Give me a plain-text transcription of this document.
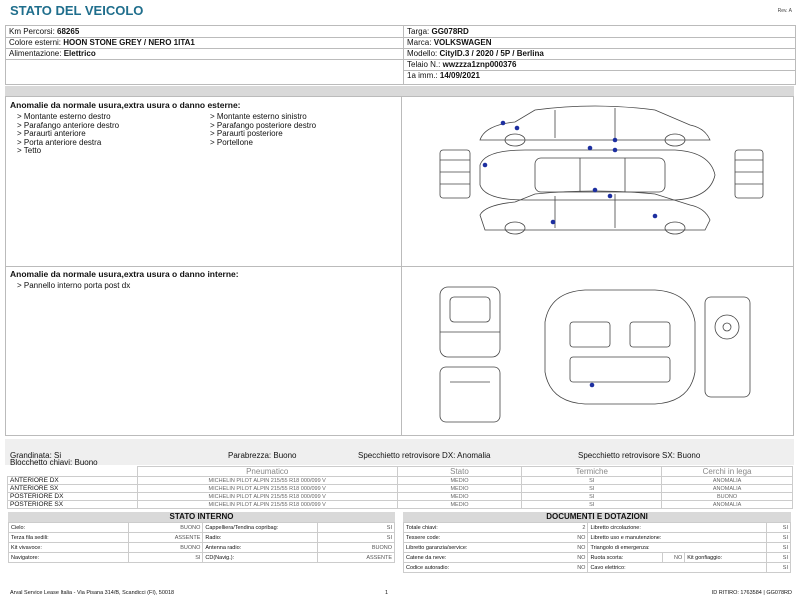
STATO DEL VEICOLO	Rev. A
Km Percorsi: 68265
Colore esterni: HOON STONE GREY / NERO 1ITA1
Alimentazione: Elettrico
Targa: GG078RD
Marca: VOLKSWAGEN
Modello: CityID.3 / 2020 / 5P / Berlina
Telaio N.: wwzzza1znp000376
1a imm.: 14/09/2021
Anomalie da normale usura,extra usura o danno esterne:
> Montante esterno destro
> Parafango anteriore destro
> Paraurti anteriore
> Porta anteriore destra
> Tetto
> Montante esterno sinistro
> Parafango posteriore destro
> Paraurti posteriore
> Portellone
Anomalie da normale usura,extra usura o danno interne:
> Pannello interno porta post dx
Grandinata: Si	Parabrezza: Buono	Specchietto retrovisore DX: Anomalia	Specchietto retrovisore SX: Buono
Blocchetto chiavi: Buono
	Pneumatico	Stato	Termiche	Cerchi in lega
ANTERIORE DX	MICHELIN PILOT ALPIN 215/55 R18 000/099 V	MEDIO	SI	ANOMALIA
ANTERIORE SX	MICHELIN PILOT ALPIN 215/55 R18 000/099 V	MEDIO	SI	ANOMALIA
POSTERIORE DX	MICHELIN PILOT ALPIN 215/55 R18 000/099 V	MEDIO	SI	BUONO
POSTERIORE SX	MICHELIN PILOT ALPIN 215/55 R18 000/099 V	MEDIO	SI	ANOMALIA
STATO INTERNO
Cielo:	BUONO	Cappelliera/Tendina copribag:	SI
Terza fila sedili:	ASSENTE	Radio:	SI
Kit vivavoce:	BUONO	Antenna radio:	BUONO
Navigatore:	SI	CD(Navig.):	ASSENTE
DOCUMENTI E DOTAZIONI
Totale chiavi: 2	Libretto circolazione:			SI
Tessere code: NO	Libretto uso e manutenzione:			SI
Libretto garanzia/service: NO	Triangolo di emergenza:			SI
Catene da neve: NO	Ruota scorta:	NO	Kit gonfiaggio:	SI
Codice autoradio: NO	Cavo elettrico:			SI
Arval Service Lease Italia - Via Pisana 314/B, Scandicci (FI), 50018	1	ID RITIRO: 1763584 | GG078RD
